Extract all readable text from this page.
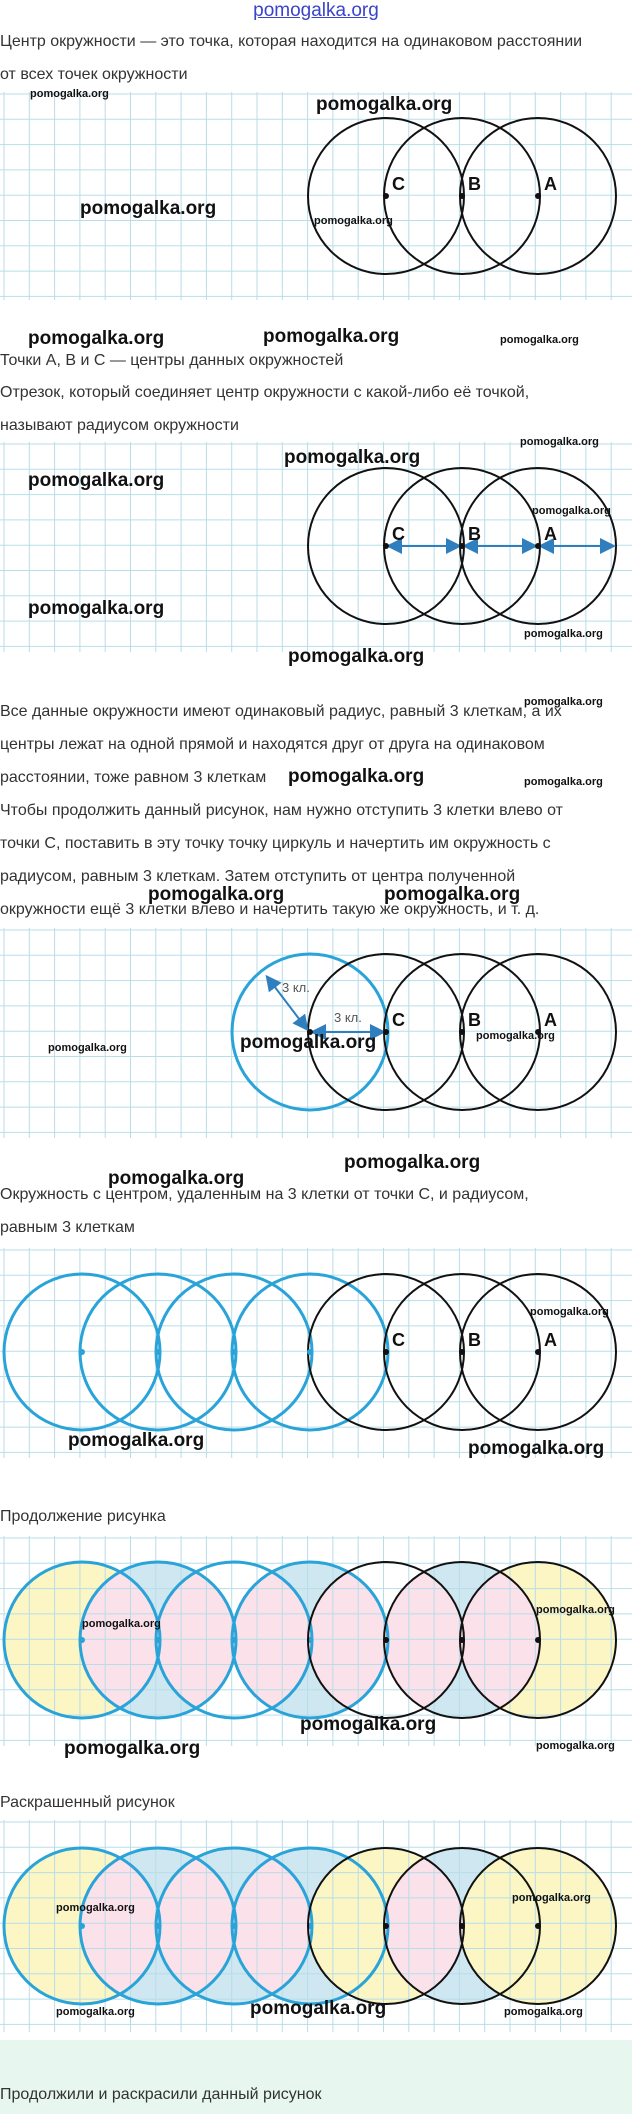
pomogalka.org

Центр окружности — это точка, которая находится на одинаковом расстоянии

от всех точек окружности

C	B	A
pomogalka.org	pomogalka.org
pomogalka.org
pomogalka.org
pomogalka.org	pomogalka.org	pomogalka.org

Точки A, B и C — центры данных окружностей

Отрезок, который соединяет центр окружности с какой-либо её точкой,

называют радиусом окружности

C	B	A
pomogalka.org
pomogalka.org
pomogalka.org
pomogalka.org
pomogalka.org
pomogalka.org
pomogalka.org
pomogalka.org

Все данные окружности имеют одинаковый радиус, равный 3 клеткам, а их

центры лежат на одной прямой и находятся друг от друга на одинаковом

расстоянии, тоже равном 3 клеткам	pomogalka.org	pomogalka.org

Чтобы продолжить данный рисунок, нам нужно отступить 3 клетки влево от

точки C, поставить в эту точку точку циркуль и начертить им окружность с

радиусом, равным 3 клеткам. Затем отступить от центра полученной

окружности ещё 3 клетки влево и начертить такую же окружность, и т. д.

pomogalka.org	pomogalka.org
3 кл.
3 кл. C	B	A
pomogalka.org	pomogalka.org	pomogalka.org
pomogalka.org
pomogalka.org

Окружность с центром, удаленным на 3 клетки от точки C, и радиусом,

равным 3 клеткам

C	B	A
pomogalka.org
pomogalka.org	pomogalka.org

Продолжение рисунка

pomogalka.org
pomogalka.org
pomogalka.org
pomogalka.org	pomogalka.org

Раскрашенный рисунок

pomogalka.org
pomogalka.org
pomogalka.org	pomogalka.org	pomogalka.org

Продолжили и раскрасили данный рисунок
